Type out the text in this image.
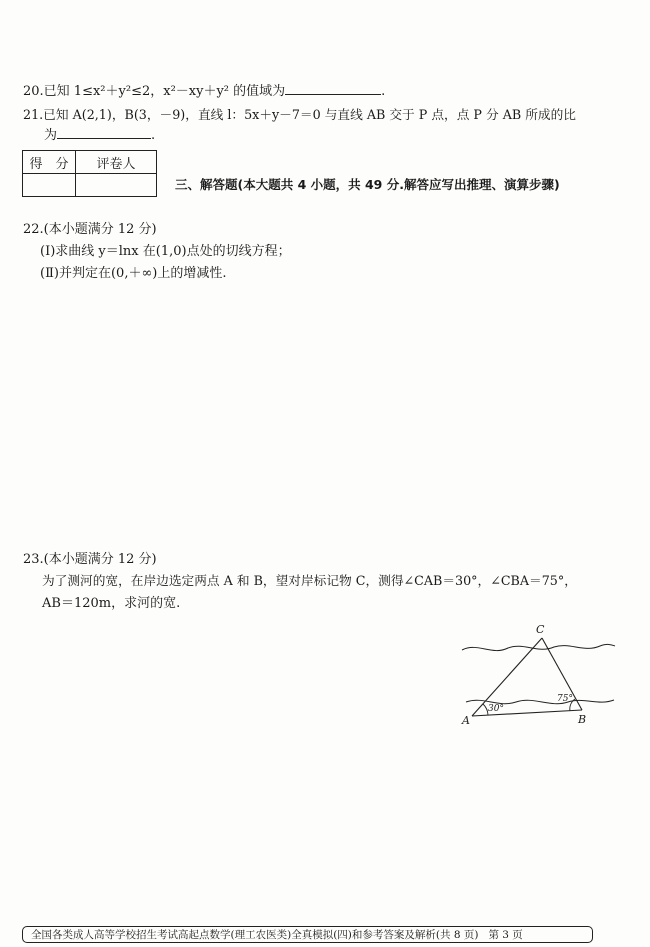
20.已知 1≤x²＋y²≤2，x²－xy＋y² 的值域为	.
21.已知 A(2,1)，B(3，－9)，直线 l：5x＋y－7＝0 与直线 AB 交于 P 点，点 P 分 AB 所成的比
为	.
得　分	评卷人

三、解答题(本大题共 4 小题，共 49 分.解答应写出推理、演算步骤)
22.(本小题满分 12 分)
(Ⅰ)求曲线 y＝lnx 在(1,0)点处的切线方程；
(Ⅱ)并判定在(0,＋∞)上的增减性.
23.(本小题满分 12 分)
为了测河的宽，在岸边选定两点 A 和 B，望对岸标记物 C，测得∠CAB＝30°，∠CBA＝75°，
AB＝120m，求河的宽.
C
A	B
30°
75°
全国各类成人高等学校招生考试高起点数学(理工农医类)全真模拟(四)和参考答案及解析(共 8 页) 第 3 页
